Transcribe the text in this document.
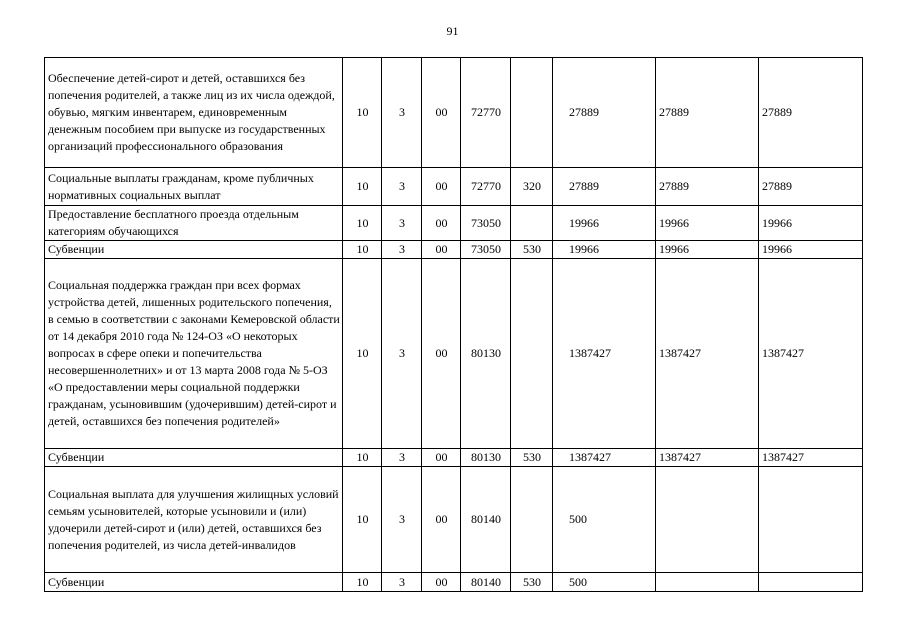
91
Обеспечение детей-сирот и детей, оставшихся без попечения родителей, а также лиц из их числа одеждой, обувью, мягким инвентарем, единовременным денежным пособием при выпуске из государственных организаций профессионального образования	10	3	00	72770		27889	27889	27889
Социальные выплаты гражданам, кроме публичных нормативных социальных выплат	10	3	00	72770	320	27889	27889	27889
Предоставление бесплатного проезда отдельным категориям обучающихся	10	3	00	73050		19966	19966	19966
Субвенции	10	3	00	73050	530	19966	19966	19966
Социальная поддержка граждан при всех формах устройства детей, лишенных родительского попечения, в семью в соответствии с законами Кемеровской области от 14 декабря 2010 года № 124-ОЗ «О некоторых вопросах в сфере опеки и попечительства несовершеннолетних» и от 13 марта 2008 года № 5-ОЗ «О предоставлении меры социальной поддержки гражданам, усыновившим (удочерившим) детей-сирот и детей, оставшихся без попечения родителей»	10	3	00	80130		1387427	1387427	1387427
Субвенции	10	3	00	80130	530	1387427	1387427	1387427
Социальная выплата для улучшения жилищных условий семьям усыновителей, которые усыновили и (или) удочерили детей-сирот и (или) детей, оставшихся без попечения родителей, из числа детей-инвалидов	10	3	00	80140		500		
Субвенции	10	3	00	80140	530	500		
